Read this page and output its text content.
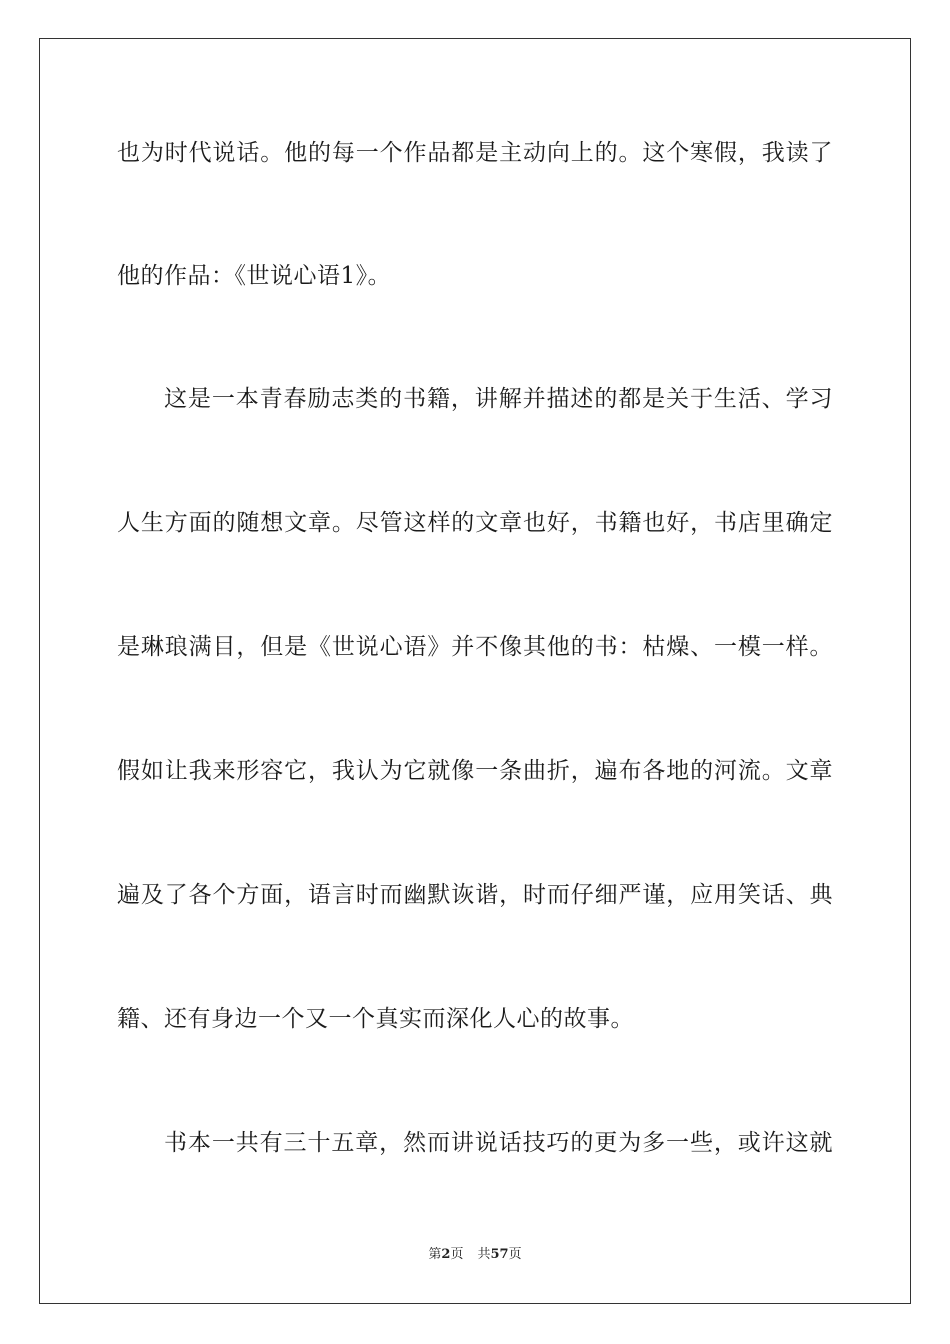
也为时代说话。他的每一个作品都是主动向上的。这个寒假，我读了
他的作品：《世说心语1》。
这是一本青春励志类的书籍，讲解并描述的都是关于生活、学习
人生方面的随想文章。尽管这样的文章也好，书籍也好，书店里确定
是琳琅满目，但是《世说心语》并不像其他的书：枯燥、一模一样。
假如让我来形容它，我认为它就像一条曲折，遍布各地的河流。文章
遍及了各个方面，语言时而幽默诙谐，时而仔细严谨，应用笑话、典
籍、还有身边一个又一个真实而深化人心的故事。
书本一共有三十五章，然而讲说话技巧的更为多一些，或许这就
第2页 共57页
